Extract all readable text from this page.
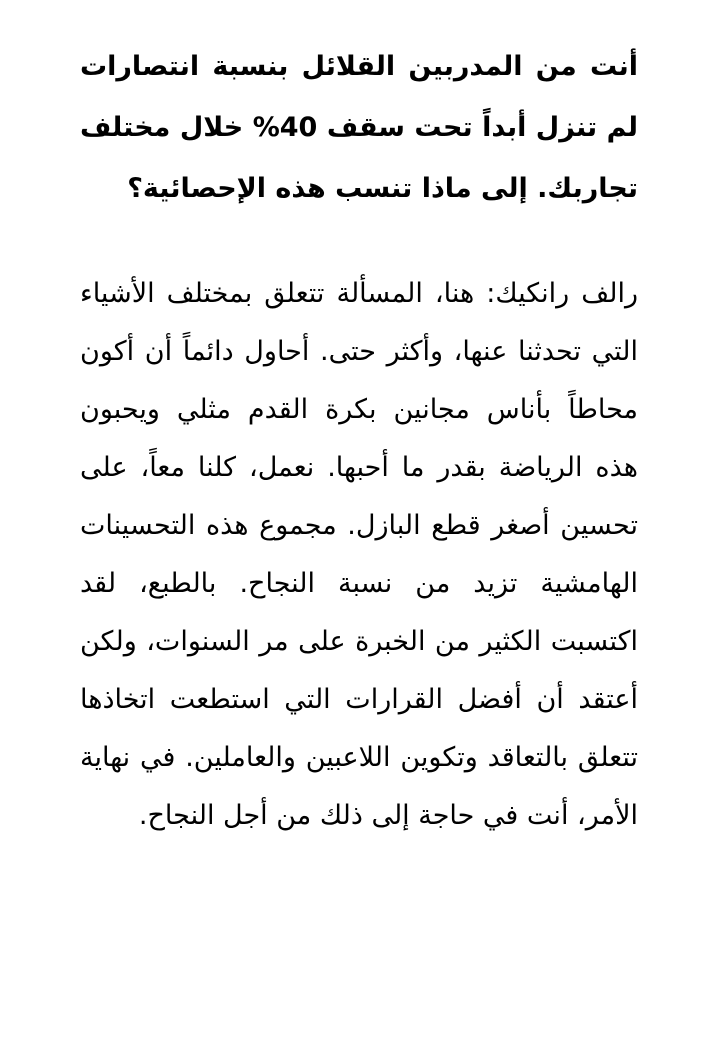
أنت من المدربين القلائل بنسبة انتصارات لم تنزل أبداً تحت سقف 40% خلال مختلف تجاربك. إلى ماذا تنسب هذه الإحصائية؟

رالف رانكيك: هنا، المسألة تتعلق بمختلف الأشياء التي تحدثنا عنها، وأكثر حتى. أحاول دائماً أن أكون محاطاً بأناس مجانين بكرة القدم مثلي ويحبون هذه الرياضة بقدر ما أحبها. نعمل، كلنا معاً، على تحسين أصغر قطع البازل. مجموع هذه التحسينات الهامشية تزيد من نسبة النجاح. بالطبع، لقد اكتسبت الكثير من الخبرة على مر السنوات، ولكن أعتقد أن أفضل القرارات التي استطعت اتخاذها تتعلق بالتعاقد وتكوين اللاعبين والعاملين. في نهاية الأمر، أنت في حاجة إلى ذلك من أجل النجاح.
